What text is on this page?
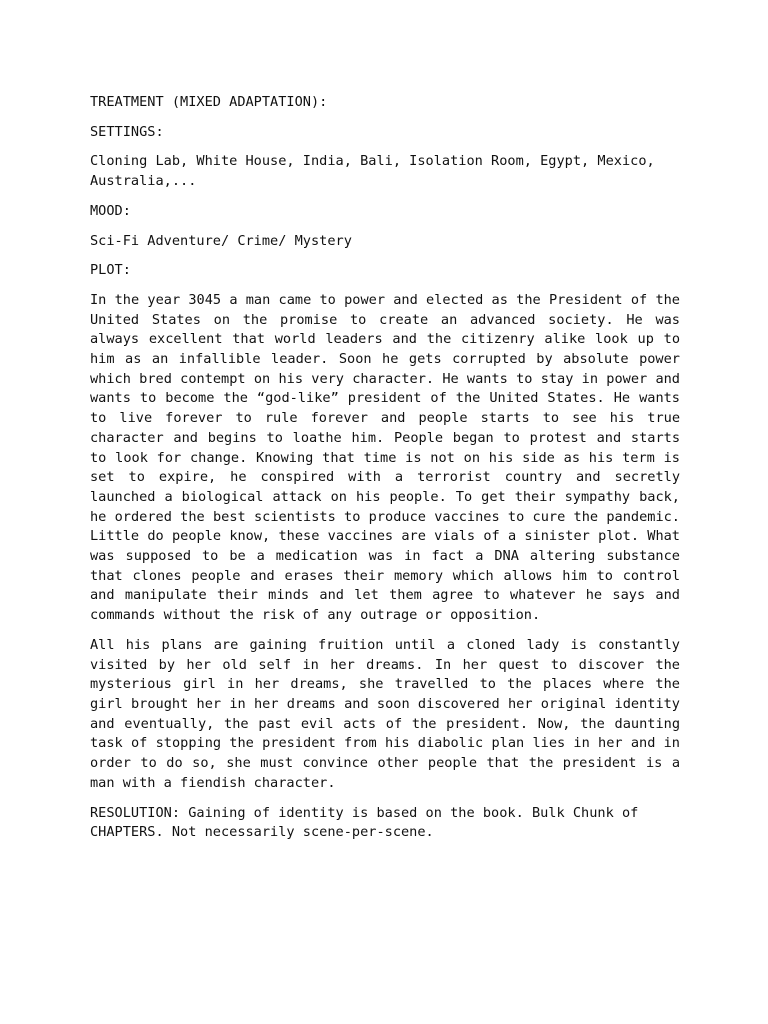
TREATMENT (MIXED ADAPTATION):

SETTINGS:

Cloning Lab, White House, India, Bali, Isolation Room, Egypt, Mexico, Australia,...

MOOD:

Sci-Fi Adventure/ Crime/ Mystery

PLOT:

In the year 3045 a man came to power and elected as the President of the United States on the promise to create an advanced society. He was always excellent that world leaders and the citizenry alike look up to him as an infallible leader. Soon he gets corrupted by absolute power which bred contempt on his very character. He wants to stay in power and wants to become the “god-like” president of the United States. He wants to live forever to rule forever and people starts to see his true character and begins to loathe him. People began to protest and starts to look for change. Knowing that time is not on his side as his term is set to expire, he conspired with a terrorist country and secretly launched a biological attack on his people. To get their sympathy back, he ordered the best scientists to produce vaccines to cure the pandemic. Little do people know, these vaccines are vials of a sinister plot. What was supposed to be a medication was in fact a DNA altering substance that clones people and erases their memory which allows him to control and manipulate their minds and let them agree to whatever he says and commands without the risk of any outrage or opposition.

All his plans are gaining fruition until a cloned lady is constantly visited by her old self in her dreams. In her quest to discover the mysterious girl in her dreams, she travelled to the places where the girl brought her in her dreams and soon discovered her original identity and eventually, the past evil acts of the president. Now, the daunting task of stopping the president from his diabolic plan lies in her and in order to do so, she must convince other people that the president is a man with a fiendish character.

RESOLUTION: Gaining of identity is based on the book. Bulk Chunk of CHAPTERS. Not necessarily scene-per-scene.
